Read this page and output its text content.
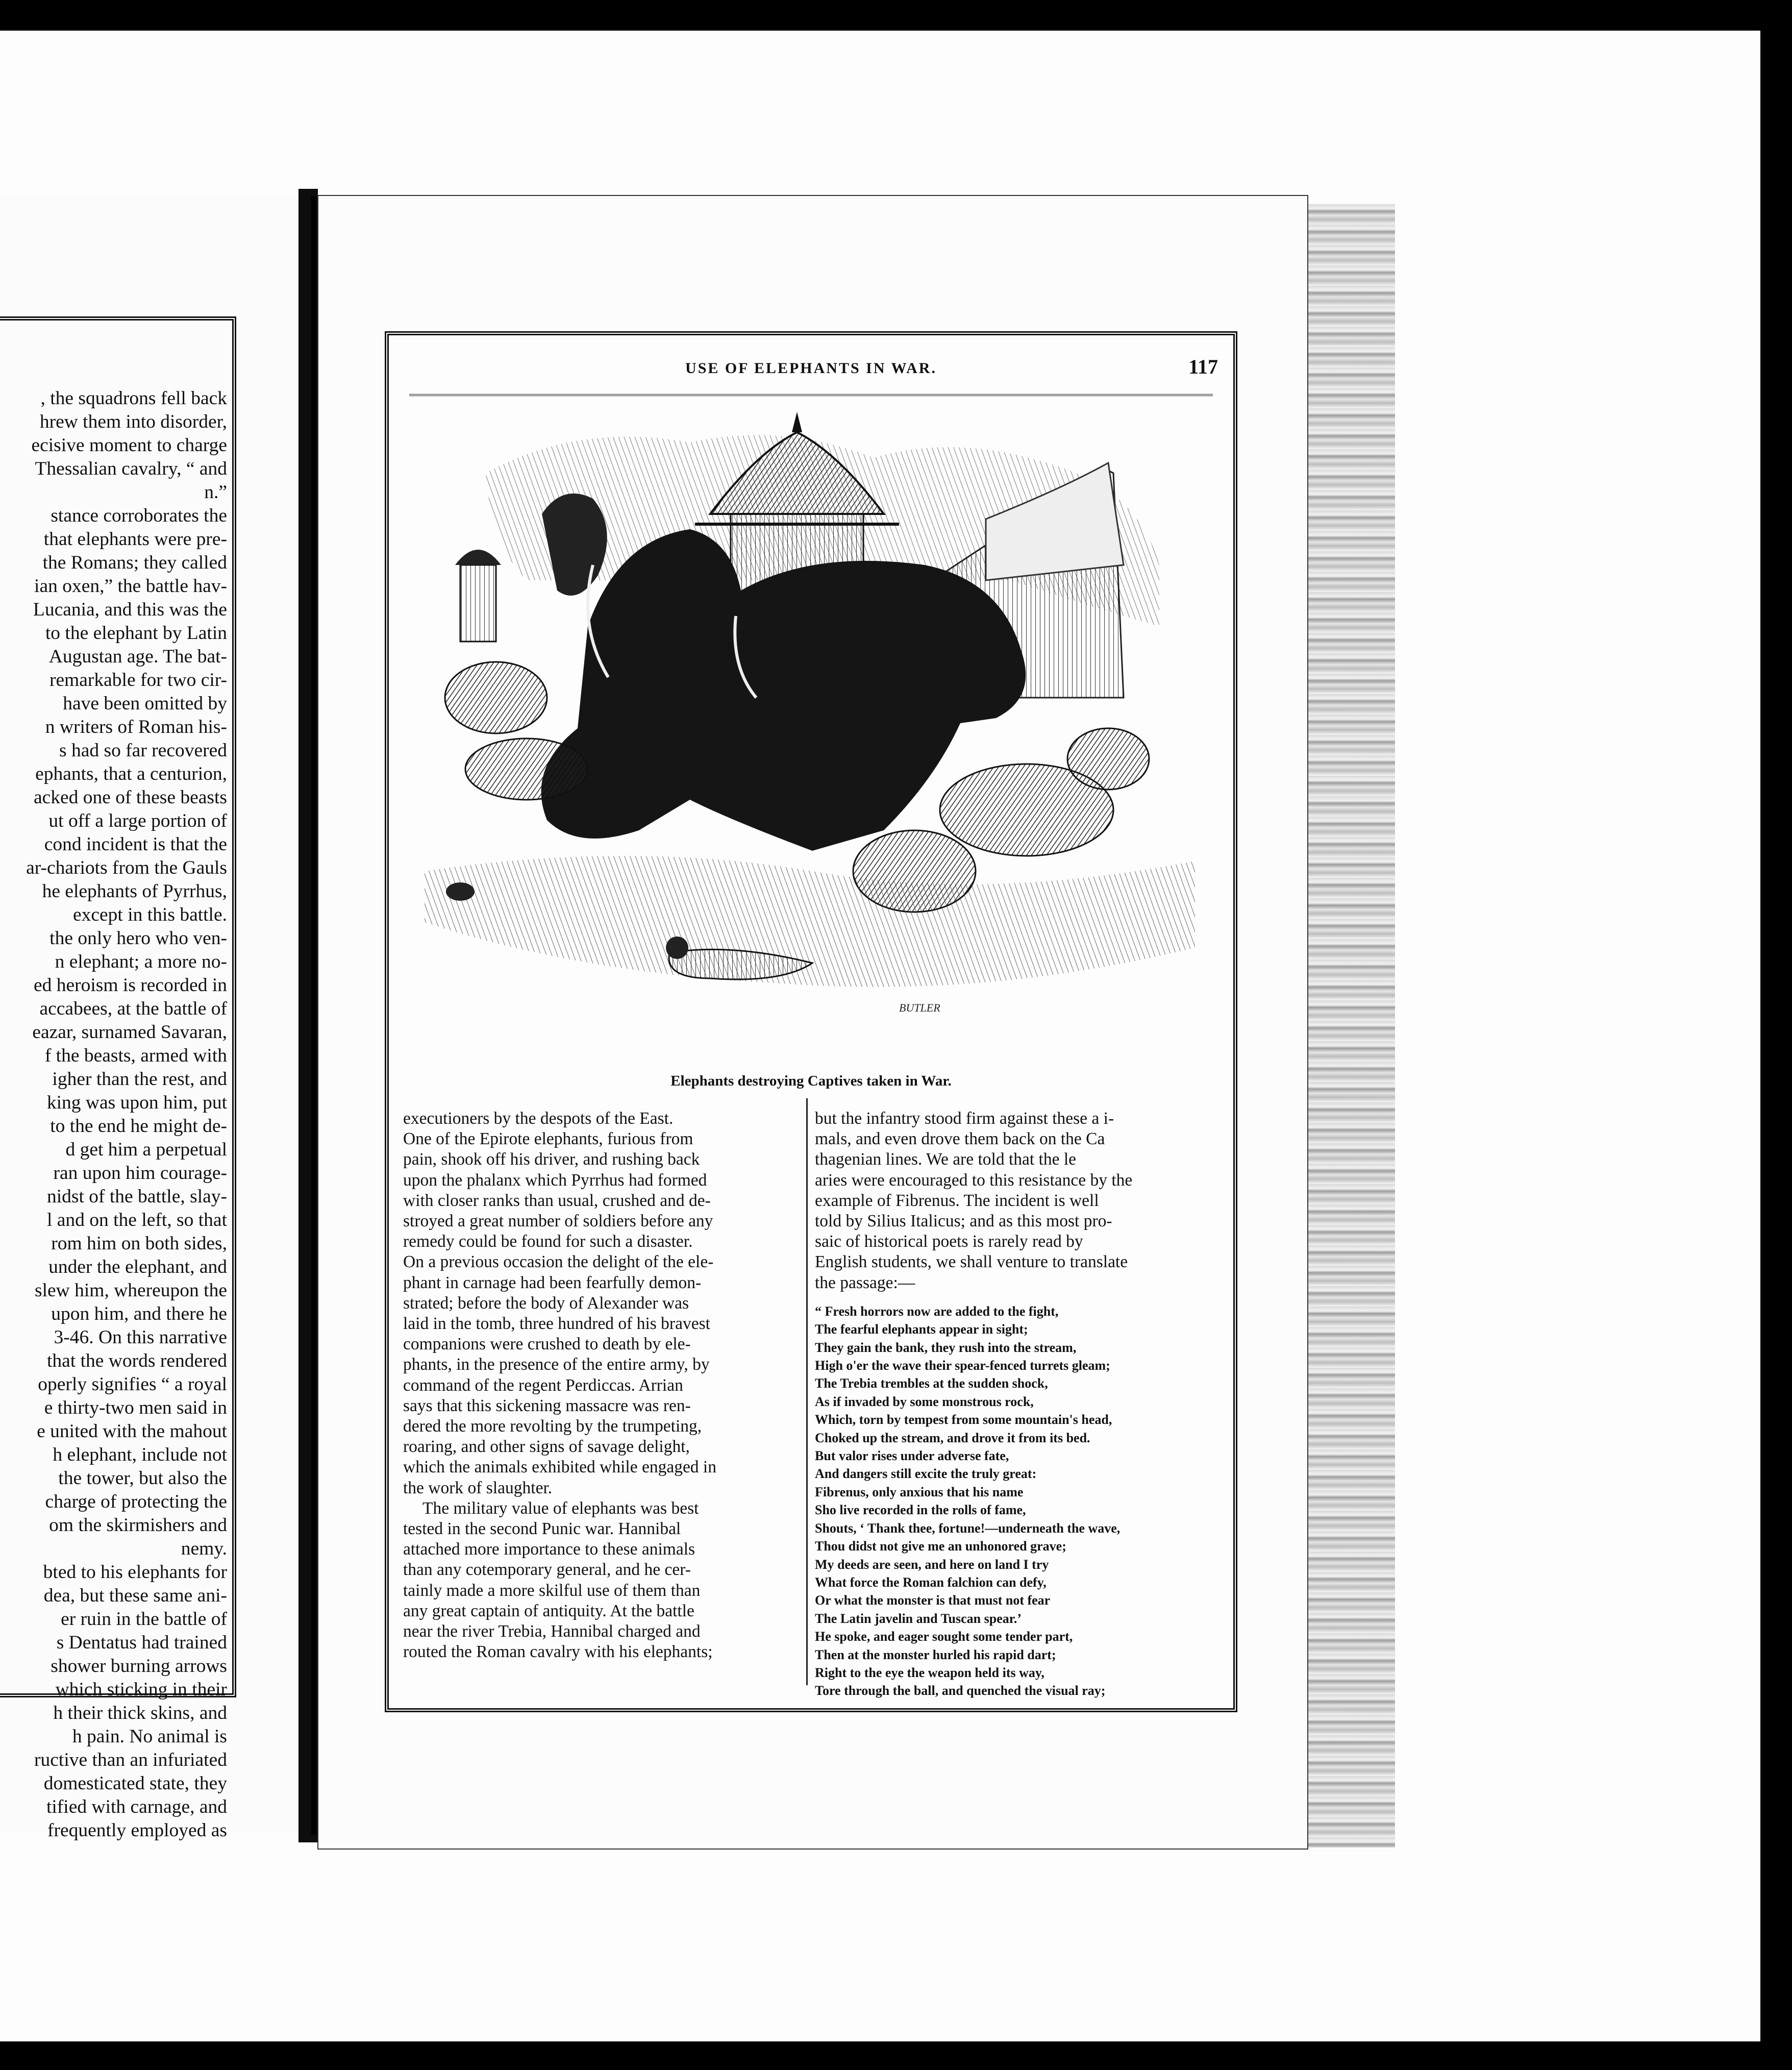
, the squadrons fell back
hrew them into disorder,
ecisive moment to charge
Thessalian cavalry, “ and
n.”
stance corroborates the
that elephants were pre-
the Romans; they called
ian oxen,” the battle hav-
Lucania, and this was the
to the elephant by Latin
Augustan age. The bat-
remarkable for two cir-
have been omitted by
n writers of Roman his-
s had so far recovered
ephants, that a centurion,
acked one of these beasts
ut off a large portion of
cond incident is that the
ar-chariots from the Gauls
he elephants of Pyrrhus,
except in this battle.
the only hero who ven-
n elephant; a more no-
ed heroism is recorded in
accabees, at the battle of
eazar, surnamed Savaran,
f the beasts, armed with
igher than the rest, and
king was upon him, put
to the end he might de-
d get him a perpetual
ran upon him courage-
nidst of the battle, slay-
l and on the left, so that
rom him on both sides,
under the elephant, and
slew him, whereupon the
upon him, and there he
3-46. On this narrative
that the words rendered
operly signifies “ a royal
e thirty-two men said in
e united with the mahout
h elephant, include not
the tower, but also the
charge of protecting the
om the skirmishers and
nemy.
bted to his elephants for
dea, but these same ani-
er ruin in the battle of
s Dentatus had trained
shower burning arrows
which sticking in their
h their thick skins, and
h pain. No animal is
ructive than an infuriated
domesticated state, they
tified with carnage, and
frequently employed as
USE OF ELEPHANTS IN WAR.	117
BUTLER
Elephants destroying Captives taken in War.
executioners by the despots of the East.
One of the Epirote elephants, furious from
pain, shook off his driver, and rushing back
upon the phalanx which Pyrrhus had formed
with closer ranks than usual, crushed and de-
stroyed a great number of soldiers before any
remedy could be found for such a disaster.
On a previous occasion the delight of the ele-
phant in carnage had been fearfully demon-
strated; before the body of Alexander was
laid in the tomb, three hundred of his bravest
companions were crushed to death by ele-
phants, in the presence of the entire army, by
command of the regent Perdiccas. Arrian
says that this sickening massacre was ren-
dered the more revolting by the trumpeting,
roaring, and other signs of savage delight,
which the animals exhibited while engaged in
the work of slaughter.
The military value of elephants was best
tested in the second Punic war. Hannibal
attached more importance to these animals
than any cotemporary general, and he cer-
tainly made a more skilful use of them than
any great captain of antiquity. At the battle
near the river Trebia, Hannibal charged and
routed the Roman cavalry with his elephants;
but the infantry stood firm against these a i-
mals, and even drove them back on the Ca
thagenian lines. We are told that the le
aries were encouraged to this resistance by the
example of Fibrenus. The incident is well
told by Silius Italicus; and as this most pro-
saic of historical poets is rarely read by
English students, we shall venture to translate
the passage:—
“ Fresh horrors now are added to the fight,
The fearful elephants appear in sight;
They gain the bank, they rush into the stream,
High o'er the wave their spear-fenced turrets gleam;
The Trebia trembles at the sudden shock,
As if invaded by some monstrous rock,
Which, torn by tempest from some mountain's head,
Choked up the stream, and drove it from its bed.
But valor rises under adverse fate,
And dangers still excite the truly great:
Fibrenus, only anxious that his name
Sho live recorded in the rolls of fame,
Shouts, ‘ Thank thee, fortune!—underneath the wave,
Thou didst not give me an unhonored grave;
My deeds are seen, and here on land I try
What force the Roman falchion can defy,
Or what the monster is that must not fear
The Latin javelin and Tuscan spear.’
He spoke, and eager sought some tender part,
Then at the monster hurled his rapid dart;
Right to the eye the weapon held its way,
Tore through the ball, and quenched the visual ray;
